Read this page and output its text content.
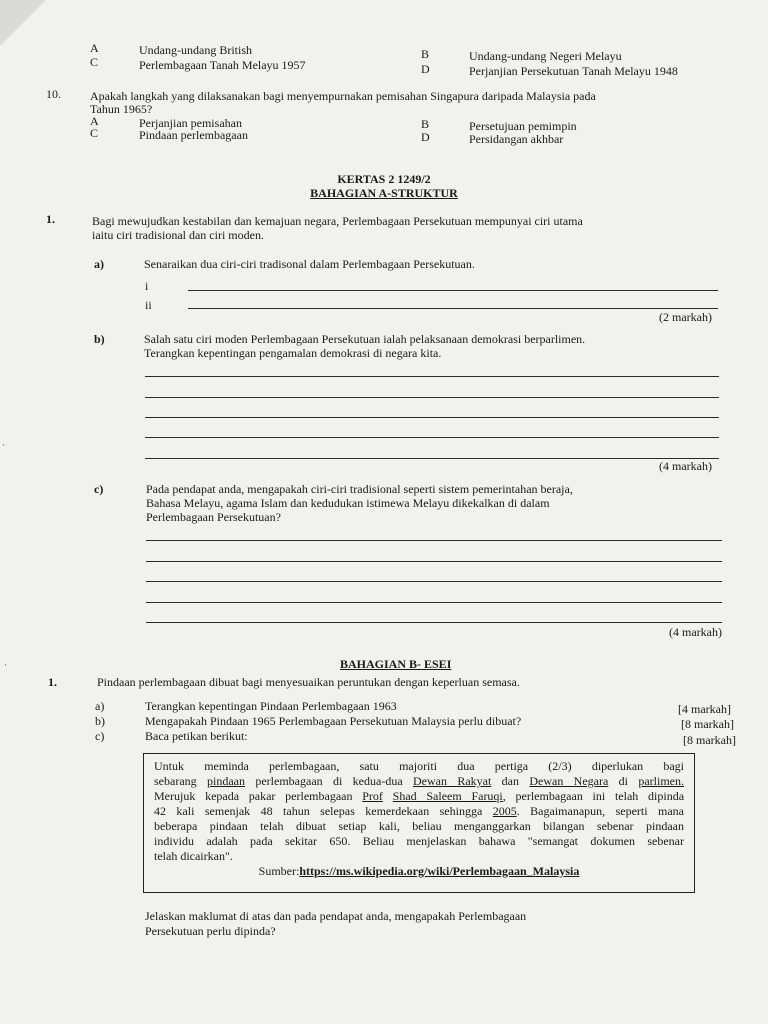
A	Undang-undang British	B	Undang-undang Negeri Melayu
C	Perlembagaan Tanah Melayu 1957	D	Perjanjian Persekutuan Tanah Melayu 1948
10. Apakah langkah yang dilaksanakan bagi menyempurnakan pemisahan Singapura daripada Malaysia pada
Tahun 1965?
A	Perjanjian pemisahan	B	Persetujuan pemimpin
C	Pindaan perlembagaan	D	Persidangan akhbar
KERTAS 2 1249/2
BAHAGIAN A-STRUKTUR
1.	Bagi mewujudkan kestabilan dan kemajuan negara, Perlembagaan Persekutuan mempunyai ciri utama
iaitu ciri tradisional dan ciri moden.
a)	Senaraikan dua ciri-ciri tradisonal dalam Perlembagaan Persekutuan.
i
ii
(2 markah)
b)	Salah satu ciri moden Perlembagaan Persekutuan ialah pelaksanaan demokrasi berparlimen.
Terangkan kepentingan pengamalan demokrasi di negara kita.
(4 markah)
c)	Pada pendapat anda, mengapakah ciri-ciri tradisional seperti sistem pemerintahan beraja,
Bahasa Melayu, agama Islam dan kedudukan istimewa Melayu dikekalkan di dalam
Perlembagaan Persekutuan?
(4 markah)
BAHAGIAN B- ESEI
1.	Pindaan perlembagaan dibuat bagi menyesuaikan peruntukan dengan keperluan semasa.
a)	Terangkan kepentingan Pindaan Perlembagaan 1963	[4 markah]
b)	Mengapakah Pindaan 1965 Perlembagaan Persekutuan Malaysia perlu dibuat?	[8 markah]
c)	Baca petikan berikut:	[8 markah]

Untuk meminda perlembagaan, satu majoriti dua pertiga (2/3) diperlukan bagi

sebarang pindaan perlembagaan di kedua-dua Dewan Rakyat dan Dewan Negara di parlimen.

Merujuk kepada pakar perlembagaan Prof Shad Saleem Faruqi, perlembagaan ini telah dipinda

42 kali semenjak 48 tahun selepas kemerdekaan sehingga 2005. Bagaimanapun, seperti mana

beberapa pindaan telah dibuat setiap kali, beliau menganggarkan bilangan sebenar pindaan

individu adalah pada sekitar 650. Beliau menjelaskan bahawa "semangat dokumen sebenar

telah dicairkan".

Sumber:https://ms.wikipedia.org/wiki/Perlembagaan_Malaysia

Jelaskan maklumat di atas dan pada pendapat anda, mengapakah Perlembagaan
Persekutuan perlu dipinda?
·
·
